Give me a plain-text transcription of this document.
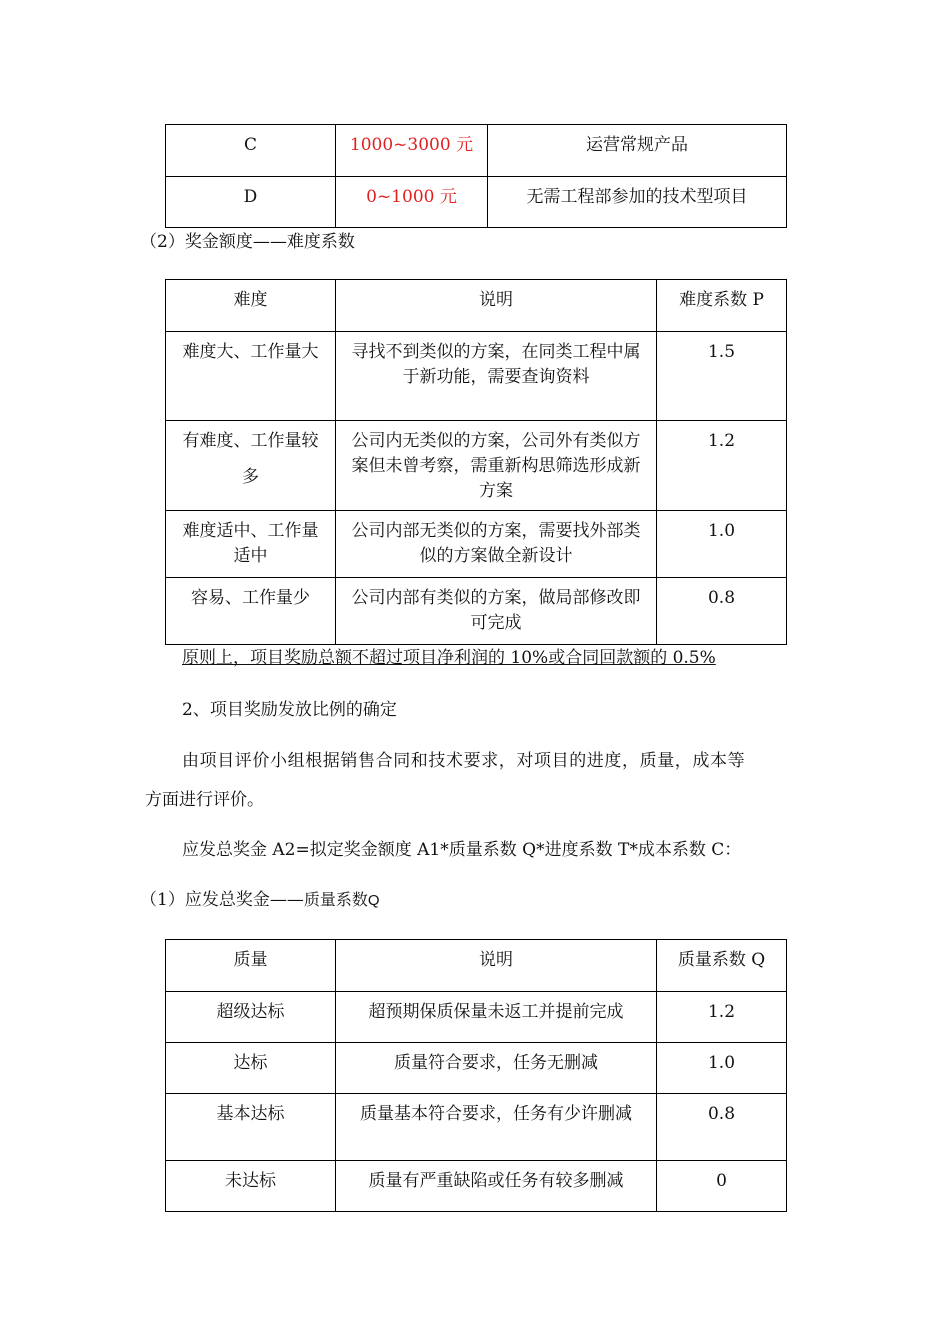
C	1000~3000 元	运营常规产品
D	0~1000 元	无需工程部参加的技术型项目
（2）奖金额度——难度系数
难度	说明	难度系数 P
难度大、工作量大	寻找不到类似的方案，在同类工程中属于新功能，需要查询资料	1.5
有难度、工作量较多	公司内无类似的方案，公司外有类似方案但未曾考察，需重新构思筛选形成新方案	1.2
难度适中、工作量适中	公司内部无类似的方案，需要找外部类似的方案做全新设计	1.0
容易、工作量少	公司内部有类似的方案，做局部修改即可完成	0.8
原则上，项目奖励总额不超过项目净利润的 10%或合同回款额的 0.5%
2、项目奖励发放比例的确定
由项目评价小组根据销售合同和技术要求，对项目的进度，质量，成本等
方面进行评价。
应发总奖金 A2=拟定奖金额度 A1*质量系数 Q*进度系数 T*成本系数 C：
（1）应发总奖金——质量系数Q
质量	说明	质量系数 Q
超级达标	超预期保质保量未返工并提前完成	1.2
达标	质量符合要求，任务无删减	1.0
基本达标	质量基本符合要求，任务有少许删减	0.8
未达标	质量有严重缺陷或任务有较多删减	0
